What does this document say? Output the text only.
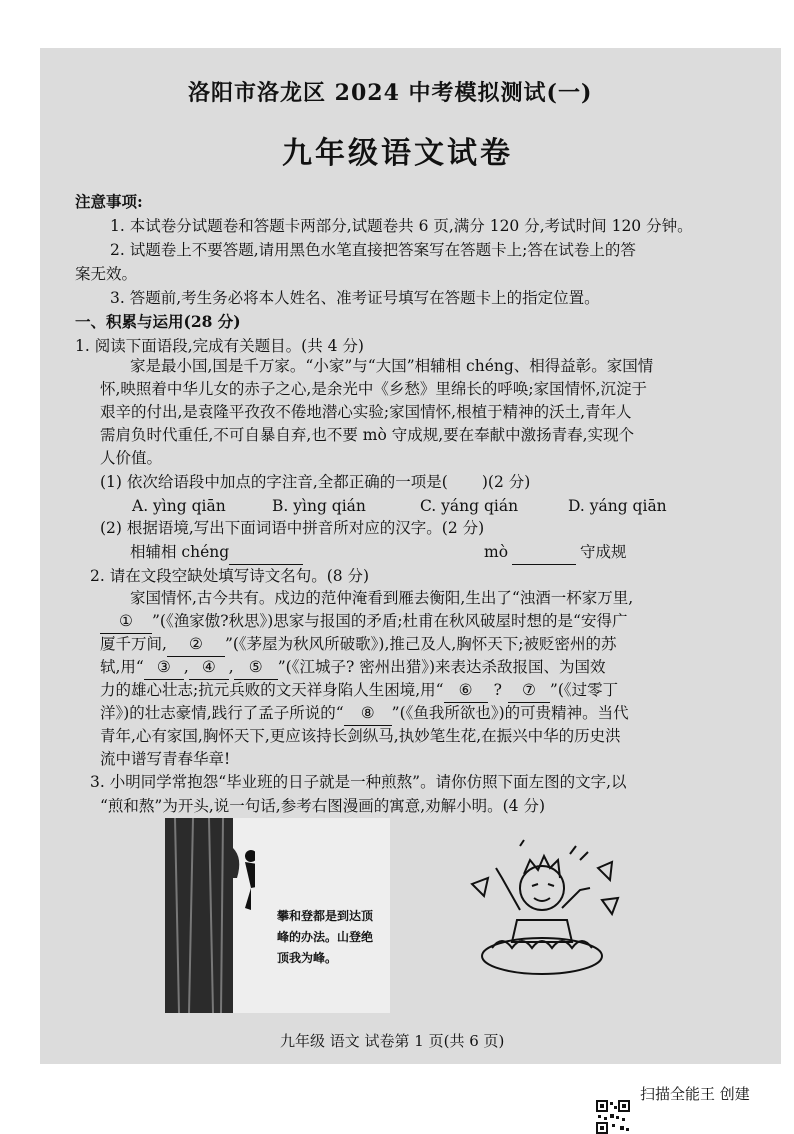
洛阳市洛龙区 2024 中考模拟测试(一)
九年级语文试卷
注意事项:
1. 本试卷分试题卷和答题卡两部分,试题卷共 6 页,满分 120 分,考试时间 120 分钟。
2. 试题卷上不要答题,请用黑色水笔直接把答案写在答题卡上;答在试卷上的答
案无效。
3. 答题前,考生务必将本人姓名、准考证号填写在答题卡上的指定位置。
一、积累与运用(28 分)
1. 阅读下面语段,完成有关题目。(共 4 分)
家是最小国,国是千万家。“小家”与“大国”相辅相 chéng、相得益彰。家国情
怀,映照着中华儿女的赤子之心,是余光中《乡愁》里绵长的呼唤;家国情怀,沉淀于
艰辛的付出,是袁隆平孜孜不倦地潜心实验;家国情怀,根植于精神的沃土,青年人
需肩负时代重任,不可自暴自弃,也不要 mò 守成规,要在奉献中激扬青春,实现个
人价值。
(1) 依次给语段中加点的字注音,全都正确的一项是( )(2 分)
A. yìng qiān	B. yìng qián	C. yáng qián	D. yáng qiān
(2) 根据语境,写出下面词语中拼音所对应的汉字。(2 分)
相辅相 chéng	mò	守成规
2. 请在文段空缺处填写诗文名句。(8 分)
家国情怀,古今共有。戍边的范仲淹看到雁去衡阳,生出了“浊酒一杯家万里,
① ”(《渔家傲?秋思》)思家与报国的矛盾;杜甫在秋风破屋时想的是“安得广
厦千万间, ② ”(《茅屋为秋风所破歌》),推己及人,胸怀天下;被贬密州的苏
轼,用“ ③ , ④ , ⑤ ”(《江城子? 密州出猎》)来表达杀敌报国、为国效
力的雄心壮志;抗元兵败的文天祥身陷人生困境,用“ ⑥ ? ⑦ ”(《过零丁
洋》)的壮志豪情,践行了孟子所说的“ ⑧ ”(《鱼我所欲也》)的可贵精神。当代
青年,心有家国,胸怀天下,更应该持长剑纵马,执妙笔生花,在振兴中华的历史洪
流中谱写青春华章!
3. 小明同学常抱怨“毕业班的日子就是一种煎熬”。请你仿照下面左图的文字,以
“煎和熬”为开头,说一句话,参考右图漫画的寓意,劝解小明。(4 分)
攀和登都是到达顶峰的办法。山登绝顶我为峰。
九年级 语文 试卷第 1 页(共 6 页)
扫描全能王 创建
